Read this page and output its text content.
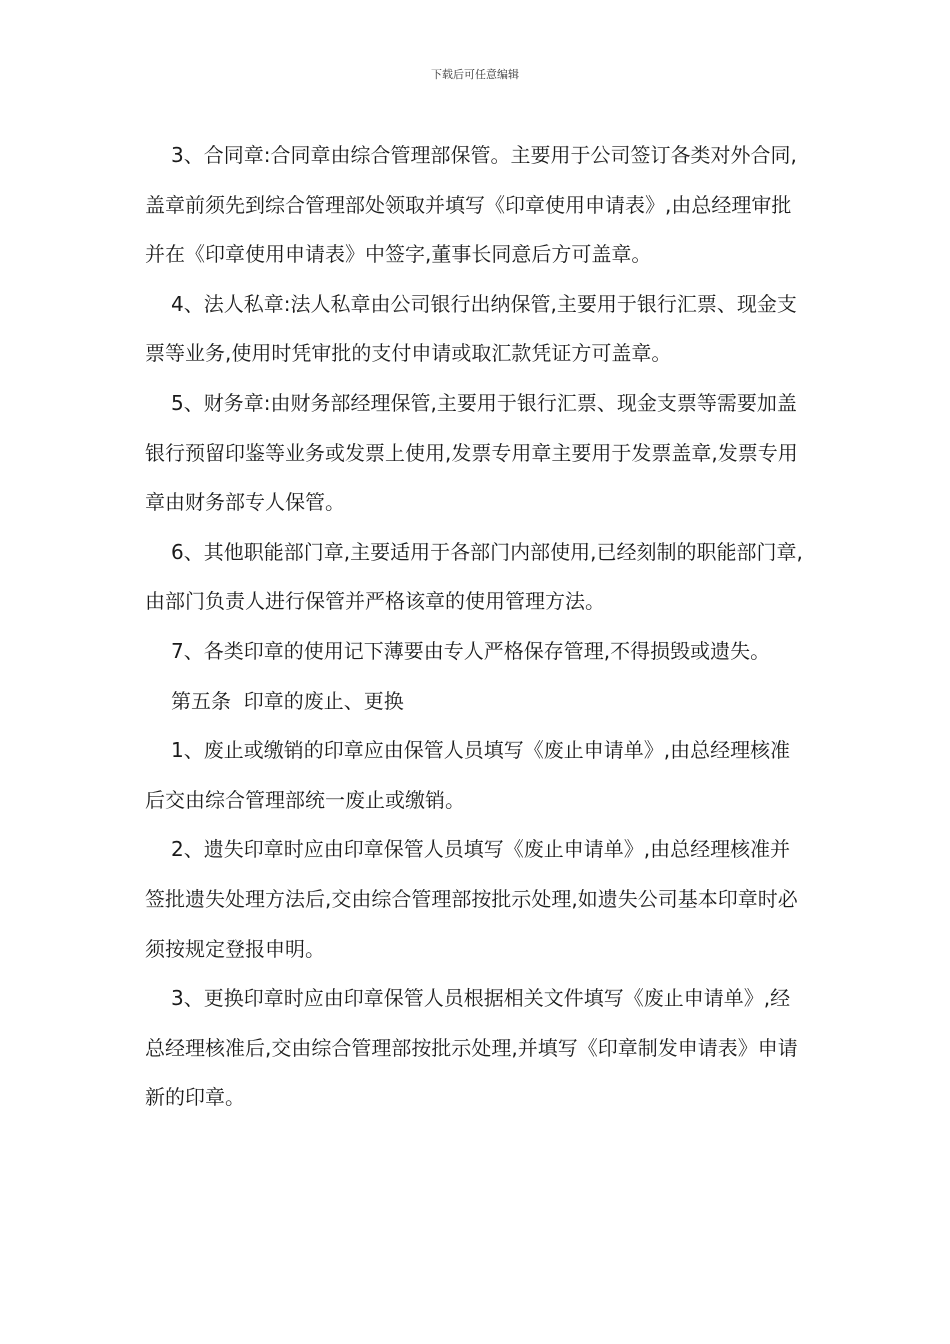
下载后可任意编辑

3、合同章:合同章由综合管理部保管。主要用于公司签订各类对外合同,盖章前须先到综合管理部处领取并填写《印章使用申请表》,由总经理审批并在《印章使用申请表》中签字,董事长同意后方可盖章。

4、法人私章:法人私章由公司银行出纳保管,主要用于银行汇票、现金支票等业务,使用时凭审批的支付申请或取汇款凭证方可盖章。

5、财务章:由财务部经理保管,主要用于银行汇票、现金支票等需要加盖银行预留印鉴等业务或发票上使用,发票专用章主要用于发票盖章,发票专用章由财务部专人保管。

6、其他职能部门章,主要适用于各部门内部使用,已经刻制的职能部门章,由部门负责人进行保管并严格该章的使用管理方法。

7、各类印章的使用记下薄要由专人严格保存管理,不得损毁或遗失。

第五条  印章的废止、更换

1、废止或缴销的印章应由保管人员填写《废止申请单》,由总经理核准后交由综合管理部统一废止或缴销。

2、遗失印章时应由印章保管人员填写《废止申请单》,由总经理核准并签批遗失处理方法后,交由综合管理部按批示处理,如遗失公司基本印章时必须按规定登报申明。

3、更换印章时应由印章保管人员根据相关文件填写《废止申请单》,经总经理核准后,交由综合管理部按批示处理,并填写《印章制发申请表》申请新的印章。
